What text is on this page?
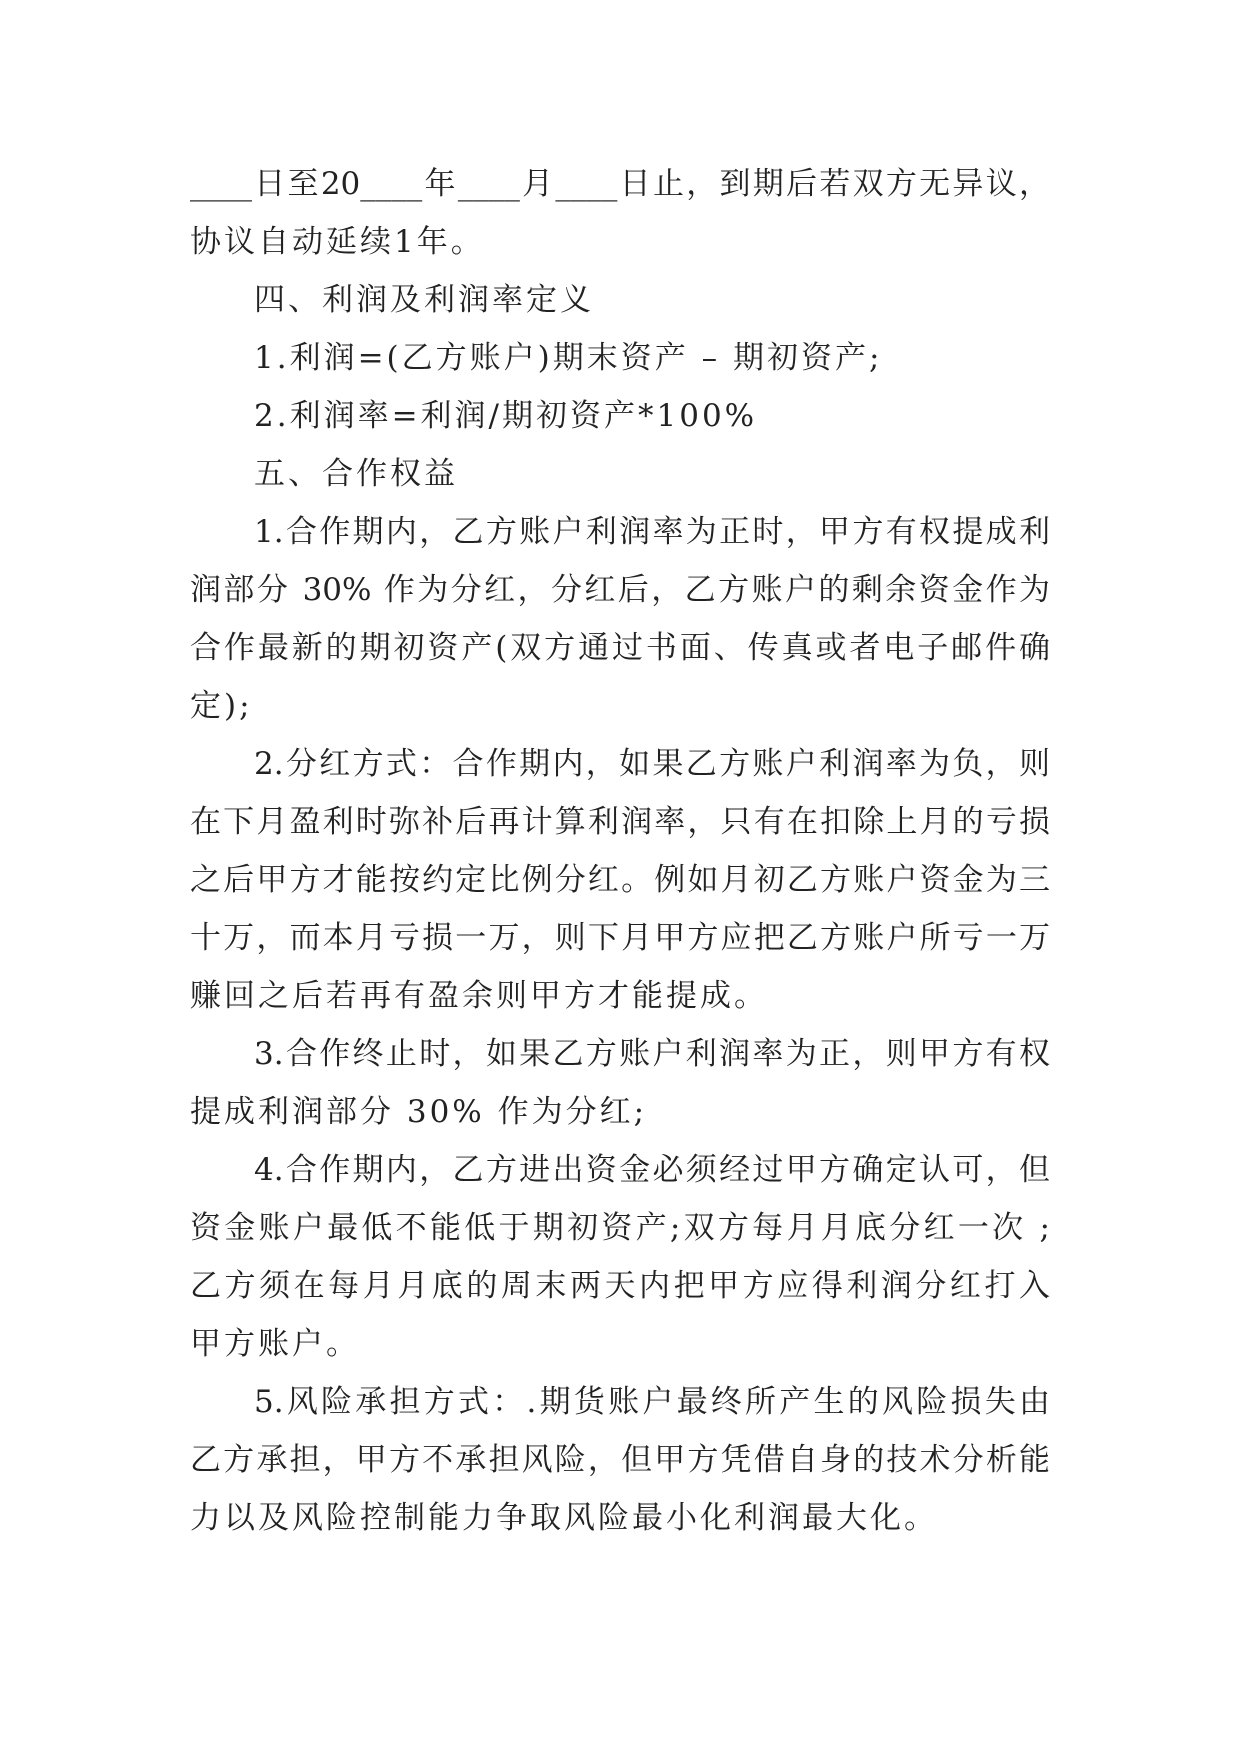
____日至20____年____月____日止，到期后若双方无异议，
协议自动延续1年。
四、利润及利润率定义
1.利润=(乙方账户)期末资产 – 期初资产;
2.利润率=利润/期初资产*100%
五、合作权益
1.合作期内，乙方账户利润率为正时，甲方有权提成利
润部分 30% 作为分红，分红后，乙方账户的剩余资金作为
合作最新的期初资产(双方通过书面、传真或者电子邮件确
定);
2.分红方式：合作期内，如果乙方账户利润率为负，则
在下月盈利时弥补后再计算利润率，只有在扣除上月的亏损
之后甲方才能按约定比例分红。例如月初乙方账户资金为三
十万，而本月亏损一万，则下月甲方应把乙方账户所亏一万
赚回之后若再有盈余则甲方才能提成。
3.合作终止时，如果乙方账户利润率为正，则甲方有权
提成利润部分 30% 作为分红;
4.合作期内，乙方进出资金必须经过甲方确定认可，但
资金账户最低不能低于期初资产;双方每月月底分红一次 ;
乙方须在每月月底的周末两天内把甲方应得利润分红打入
甲方账户。
5.风险承担方式：.期货账户最终所产生的风险损失由
乙方承担，甲方不承担风险，但甲方凭借自身的技术分析能
力以及风险控制能力争取风险最小化利润最大化。
